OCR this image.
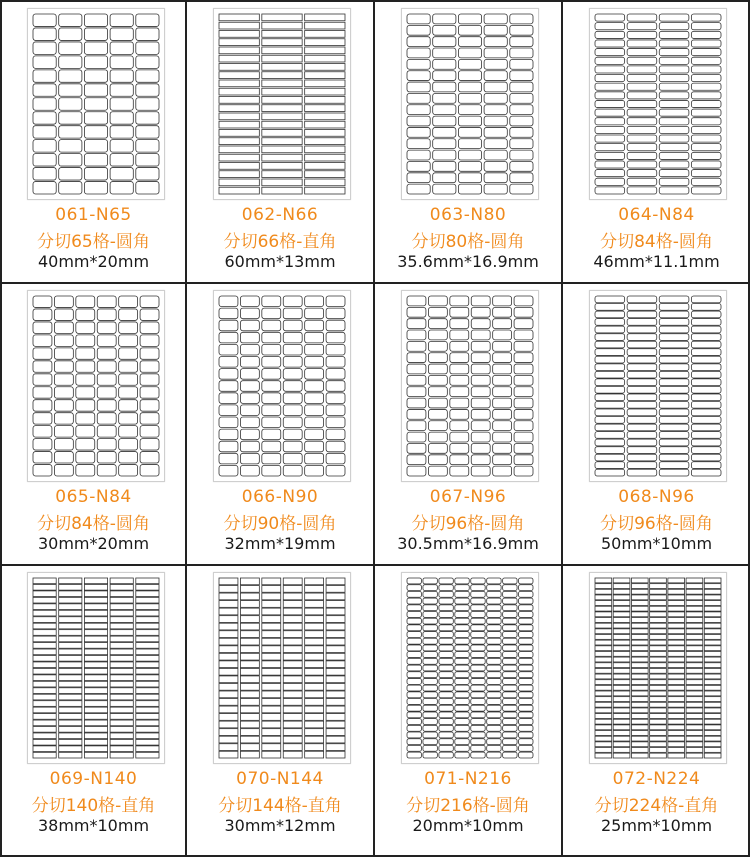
061-N65
分切65格-圆角
40mm*20mm
062-N66
分切66格-直角
60mm*13mm
063-N80
分切80格-圆角
35.6mm*16.9mm
064-N84
分切84格-圆角
46mm*11.1mm
065-N84
分切84格-圆角
30mm*20mm
066-N90
分切90格-圆角
32mm*19mm
067-N96
分切96格-圆角
30.5mm*16.9mm
068-N96
分切96格-圆角
50mm*10mm
069-N140
分切140格-直角
38mm*10mm
070-N144
分切144格-直角
30mm*12mm
071-N216
分切216格-圆角
20mm*10mm
072-N224
分切224格-直角
25mm*10mm
